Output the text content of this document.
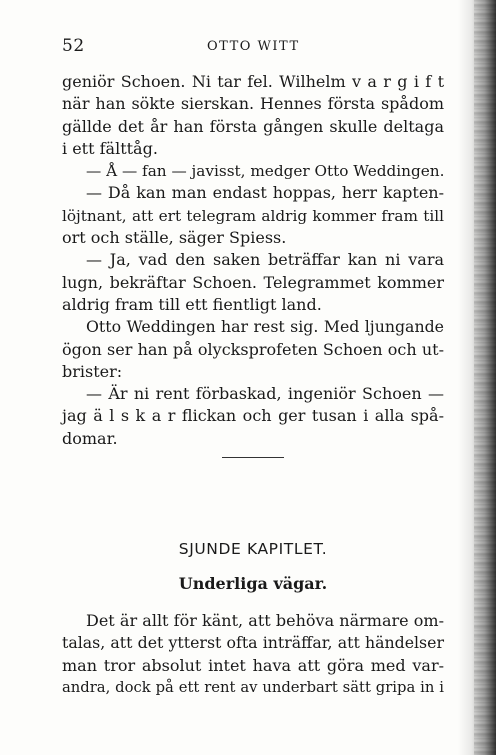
52	OTTO WITT
geniör Schoen. Ni tar fel. Wilhelm v a r g i f t
när han sökte sierskan. Hennes första spådom
gällde det år han första gången skulle deltaga
i ett fälttåg.
— Å — fan — javisst, medger Otto Weddingen.
— Då kan man endast hoppas, herr kapten-
löjtnant, att ert telegram aldrig kommer fram till
ort och ställe, säger Spiess.
— Ja, vad den saken beträffar kan ni vara
lugn, bekräftar Schoen. Telegrammet kommer
aldrig fram till ett fientligt land.
Otto Weddingen har rest sig. Med ljungande
ögon ser han på olycksprofeten Schoen och ut-
brister:
— Är ni rent förbaskad, ingeniör Schoen —
jag ä l s k a r flickan och ger tusan i alla spå-
domar.
SJUNDE KAPITLET.
Underliga vägar.
Det är allt för känt, att behöva närmare om-
talas, att det ytterst ofta inträffar, att händelser
man tror absolut intet hava att göra med var-
andra, dock på ett rent av underbart sätt gripa in i
